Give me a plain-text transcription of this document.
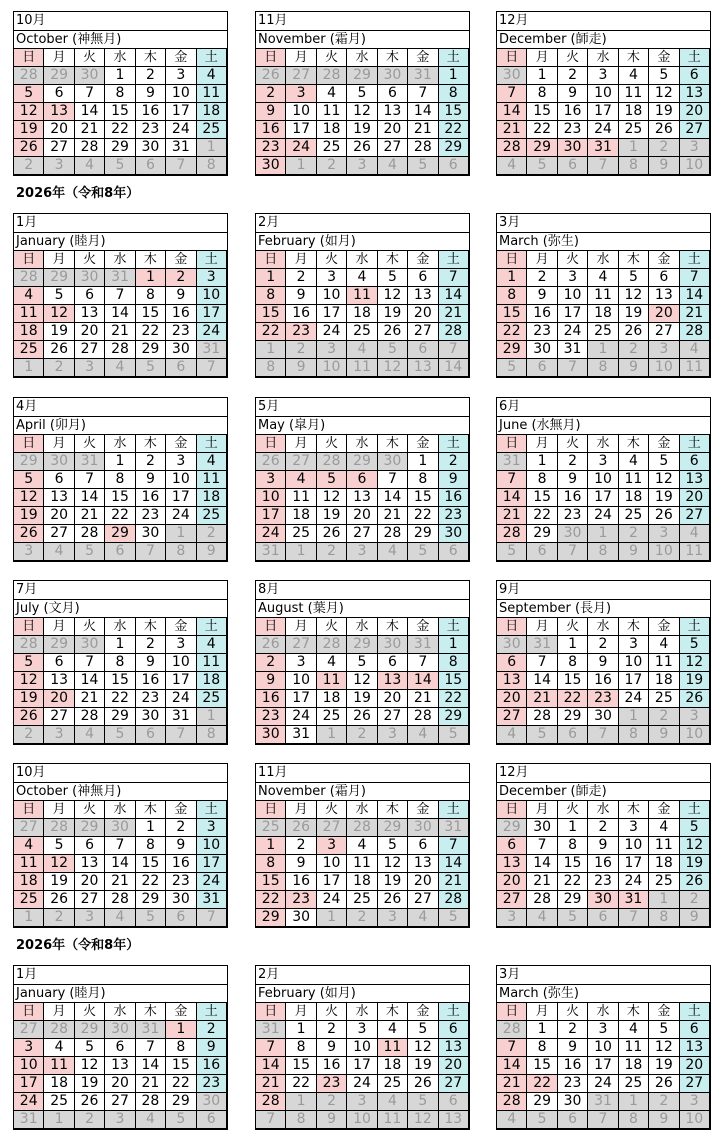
2026年（令和8年）
2026年（令和8年）
10月
October (神無月)
日	月	火	水	木	金	土
28	29	30	1	2	3	4
5	6	7	8	9	10	11
12	13	14	15	16	17	18
19	20	21	22	23	24	25
26	27	28	29	30	31	1
2	3	4	5	6	7	8
11月
November (霜月)
日	月	火	水	木	金	土
26	27	28	29	30	31	1
2	3	4	5	6	7	8
9	10	11	12	13	14	15
16	17	18	19	20	21	22
23	24	25	26	27	28	29
30	1	2	3	4	5	6
12月
December (師走)
日	月	火	水	木	金	土
30	1	2	3	4	5	6
7	8	9	10	11	12	13
14	15	16	17	18	19	20
21	22	23	24	25	26	27
28	29	30	31	1	2	3
4	5	6	7	8	9	10
1月
January (睦月)
日	月	火	水	木	金	土
28	29	30	31	1	2	3
4	5	6	7	8	9	10
11	12	13	14	15	16	17
18	19	20	21	22	23	24
25	26	27	28	29	30	31
1	2	3	4	5	6	7
2月
February (如月)
日	月	火	水	木	金	土
1	2	3	4	5	6	7
8	9	10	11	12	13	14
15	16	17	18	19	20	21
22	23	24	25	26	27	28
1	2	3	4	5	6	7
8	9	10	11	12	13	14
3月
March (弥生)
日	月	火	水	木	金	土
1	2	3	4	5	6	7
8	9	10	11	12	13	14
15	16	17	18	19	20	21
22	23	24	25	26	27	28
29	30	31	1	2	3	4
5	6	7	8	9	10	11
4月
April (卯月)
日	月	火	水	木	金	土
29	30	31	1	2	3	4
5	6	7	8	9	10	11
12	13	14	15	16	17	18
19	20	21	22	23	24	25
26	27	28	29	30	1	2
3	4	5	6	7	8	9
5月
May (皐月)
日	月	火	水	木	金	土
26	27	28	29	30	1	2
3	4	5	6	7	8	9
10	11	12	13	14	15	16
17	18	19	20	21	22	23
24	25	26	27	28	29	30
31	1	2	3	4	5	6
6月
June (水無月)
日	月	火	水	木	金	土
31	1	2	3	4	5	6
7	8	9	10	11	12	13
14	15	16	17	18	19	20
21	22	23	24	25	26	27
28	29	30	1	2	3	4
5	6	7	8	9	10	11
7月
July (文月)
日	月	火	水	木	金	土
28	29	30	1	2	3	4
5	6	7	8	9	10	11
12	13	14	15	16	17	18
19	20	21	22	23	24	25
26	27	28	29	30	31	1
2	3	4	5	6	7	8
8月
August (葉月)
日	月	火	水	木	金	土
26	27	28	29	30	31	1
2	3	4	5	6	7	8
9	10	11	12	13	14	15
16	17	18	19	20	21	22
23	24	25	26	27	28	29
30	31	1	2	3	4	5
9月
September (長月)
日	月	火	水	木	金	土
30	31	1	2	3	4	5
6	7	8	9	10	11	12
13	14	15	16	17	18	19
20	21	22	23	24	25	26
27	28	29	30	1	2	3
4	5	6	7	8	9	10
10月
October (神無月)
日	月	火	水	木	金	土
27	28	29	30	1	2	3
4	5	6	7	8	9	10
11	12	13	14	15	16	17
18	19	20	21	22	23	24
25	26	27	28	29	30	31
1	2	3	4	5	6	7
11月
November (霜月)
日	月	火	水	木	金	土
25	26	27	28	29	30	31
1	2	3	4	5	6	7
8	9	10	11	12	13	14
15	16	17	18	19	20	21
22	23	24	25	26	27	28
29	30	1	2	3	4	5
12月
December (師走)
日	月	火	水	木	金	土
29	30	1	2	3	4	5
6	7	8	9	10	11	12
13	14	15	16	17	18	19
20	21	22	23	24	25	26
27	28	29	30	31	1	2
3	4	5	6	7	8	9
1月
January (睦月)
日	月	火	水	木	金	土
27	28	29	30	31	1	2
3	4	5	6	7	8	9
10	11	12	13	14	15	16
17	18	19	20	21	22	23
24	25	26	27	28	29	30
31	1	2	3	4	5	6
2月
February (如月)
日	月	火	水	木	金	土
31	1	2	3	4	5	6
7	8	9	10	11	12	13
14	15	16	17	18	19	20
21	22	23	24	25	26	27
28	1	2	3	4	5	6
7	8	9	10	11	12	13
3月
March (弥生)
日	月	火	水	木	金	土
28	1	2	3	4	5	6
7	8	9	10	11	12	13
14	15	16	17	18	19	20
21	22	23	24	25	26	27
28	29	30	31	1	2	3
4	5	6	7	8	9	10
